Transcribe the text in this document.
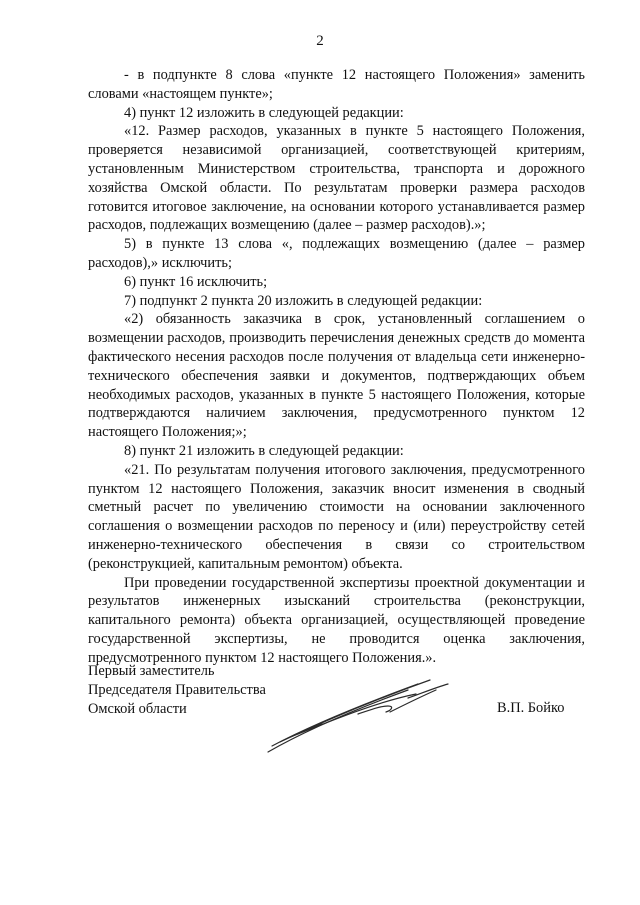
2

- в подпункте 8 слова «пункте 12 настоящего Положения» заменить словами «настоящем пункте»;

4) пункт 12 изложить в следующей редакции:

«12. Размер расходов, указанных в пункте 5 настоящего Положения, проверяется независимой организацией, соответствующей критериям, установленным Министерством строительства, транспорта и дорожного хозяйства Омской области. По результатам проверки размера расходов готовится итоговое заключение, на основании которого устанавливается размер расходов, подлежащих возмещению (далее – размер расходов).»;

5) в пункте 13 слова «, подлежащих возмещению (далее – размер расходов),» исключить;

6) пункт 16 исключить;

7) подпункт 2 пункта 20 изложить в следующей редакции:

«2) обязанность заказчика в срок, установленный соглашением о возмещении расходов, производить перечисления денежных средств до момента фактического несения расходов после получения от владельца сети инженерно-технического обеспечения заявки и документов, подтверждающих объем необходимых расходов, указанных в пункте 5 настоящего Положения, которые подтверждаются наличием заключения, предусмотренного пунктом 12 настоящего Положения;»;

8) пункт 21 изложить в следующей редакции:

«21. По результатам получения итогового заключения, предусмотренного пунктом 12 настоящего Положения, заказчик вносит изменения в сводный сметный расчет по увеличению стоимости на основании заключенного соглашения о возмещении расходов по переносу и (или) переустройству сетей инженерно-технического обеспечения в связи со строительством (реконструкцией, капитальным ремонтом) объекта.

При проведении государственной экспертизы проектной документации и результатов инженерных изысканий строительства (реконструкции, капитального ремонта) объекта организацией, осуществляющей проведение государственной экспертизы, не проводится оценка заключения, предусмотренного пунктом 12 настоящего Положения.».

Первый заместитель
Председателя Правительства
Омской области	В.П. Бойко
